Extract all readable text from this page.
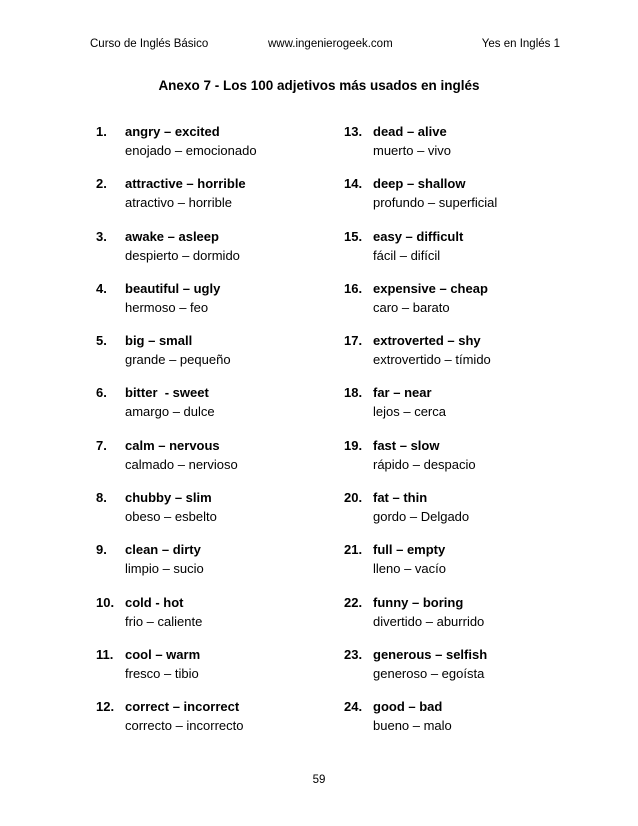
Curso de Inglés Básico	www.ingenierogeek.com	Yes en Inglés 1
Anexo 7 - Los 100 adjetivos más usados en inglés
1.	angry – excited
enojado – emocionado
2.	attractive – horrible
atractivo – horrible
3.	awake – asleep
despierto – dormido
4.	beautiful – ugly
hermoso – feo
5.	big – small
grande – pequeño
6.	bitter  - sweet
amargo – dulce
7.	calm – nervous
calmado – nervioso
8.	chubby – slim
obeso – esbelto
9.	clean – dirty
limpio – sucio
10. cold - hot
frio – caliente
11. cool – warm
fresco – tibio
12. correct – incorrect
correcto – incorrecto
13. dead – alive
muerto – vivo
14. deep – shallow
profundo – superficial
15. easy – difficult
fácil – difícil
16. expensive – cheap
caro – barato
17. extroverted – shy
extrovertido – tímido
18. far – near
lejos – cerca
19. fast – slow
rápido – despacio
20. fat – thin
gordo – Delgado
21. full – empty
lleno – vacío
22. funny – boring
divertido – aburrido
23. generous – selfish
generoso – egoísta
24. good – bad
bueno – malo
59
